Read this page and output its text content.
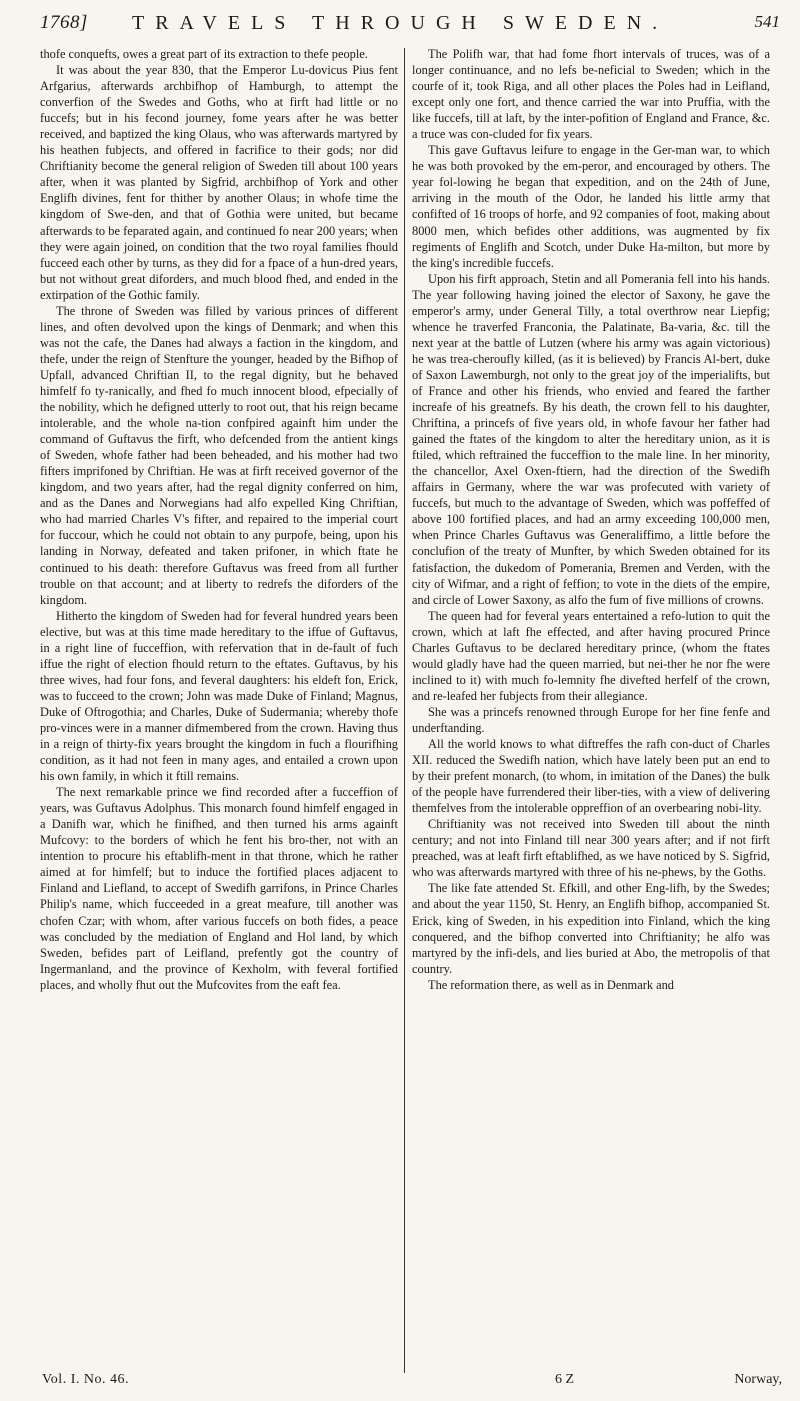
1768] TRAVELS THROUGH SWEDEN.	541

thofe conquefts, owes a great part of its extraction to thefe people.

It was about the year 830, that the Emperor Lu-dovicus Pius fent Arfgarius, afterwards archbifhop of Hamburgh, to attempt the converfion of the Swedes and Goths, who at firft had little or no fuccefs; but in his fecond journey, fome years after he was better received, and baptized the king Olaus, who was afterwards martyred by his heathen fubjects, and offered in facrifice to their gods; nor did Chriftianity become the general religion of Sweden till about 100 years after, when it was planted by Sigfrid, archbifhop of York and other Englifh divines, fent for thither by another Olaus; in whofe time the kingdom of Swe-den, and that of Gothia were united, but became afterwards to be feparated again, and continued fo near 200 years; when they were again joined, on condition that the two royal families fhould fucceed each other by turns, as they did for a fpace of a hun-dred years, but not without great diforders, and much blood fhed, and ended in the extirpation of the Gothic family.

The throne of Sweden was filled by various princes of different lines, and often devolved upon the kings of Denmark; and when this was not the cafe, the Danes had always a faction in the kingdom, and thefe, under the reign of Stenfture the younger, headed by the Bifhop of Upfall, advanced Chriftian II, to the regal dignity, but he behaved himfelf fo ty-ranically, and fhed fo much innocent blood, efpecially of the nobility, which he defigned utterly to root out, that his reign became intolerable, and the whole na-tion confpired againft him under the command of Guftavus the firft, who defcended from the antient kings of Sweden, whofe father had been beheaded, and his mother had two fifters imprifoned by Chriftian. He was at firft received governor of the kingdom, and two years after, had the regal dignity conferred on him, and as the Danes and Norwegians had alfo expelled King Chriftian, who had married Charles V's fifter, and repaired to the imperial court for fuccour, which he could not obtain to any purpofe, being, upon his landing in Norway, defeated and taken prifoner, in which ftate he continued to his death: therefore Guftavus was freed from all further trouble on that account; and at liberty to redrefs the diforders of the kingdom.

Hitherto the kingdom of Sweden had for feveral hundred years been elective, but was at this time made hereditary to the iffue of Guftavus, in a right line of fucceffion, with refervation that in de-fault of fuch iffue the right of election fhould return to the eftates. Guftavus, by his three wives, had four fons, and feveral daughters: his eldeft fon, Erick, was to fucceed to the crown; John was made Duke of Finland; Magnus, Duke of Oftrogothia; and Charles, Duke of Sudermania; whereby thofe pro-vinces were in a manner difmembered from the crown. Having thus in a reign of thirty-fix years brought the kingdom in fuch a flourifhing condition, as it had not feen in many ages, and entailed a crown upon his own family, in which it ftill remains.

The next remarkable prince we find recorded after a fucceffion of years, was Guftavus Adolphus. This monarch found himfelf engaged in a Danifh war, which he finifhed, and then turned his arms againft Mufcovy: to the borders of which he fent his bro-ther, not with an intention to procure his eftablifh-ment in that throne, which he rather aimed at for himfelf; but to induce the fortified places adjacent to Finland and Liefland, to accept of Swedifh garrifons, in Prince Charles Philip's name, which fucceeded in a great meafure, till another was chofen Czar; with whom, after various fuccefs on both fides, a peace was concluded by the mediation of England and Hol land, by which Sweden, befides part of Leifland, prefently got the country of Ingermanland, and the province of Kexholm, with feveral fortified places, and wholly fhut out the Mufcovites from the eaft fea.

The Polifh war, that had fome fhort intervals of truces, was of a longer continuance, and no lefs be-neficial to Sweden; which in the courfe of it, took Riga, and all other places the Poles had in Leifland, except only one fort, and thence carried the war into Pruffia, with the like fuccefs, till at laft, by the inter-pofition of England and France, &c. a truce was con-cluded for fix years.

This gave Guftavus leifure to engage in the Ger-man war, to which he was both provoked by the em-peror, and encouraged by others. The year fol-lowing he began that expedition, and on the 24th of June, arriving in the mouth of the Odor, he landed his little army that confifted of 16 troops of horfe, and 92 companies of foot, making about 8000 men, which befides other additions, was augmented by fix regiments of Englifh and Scotch, under Duke Ha-milton, but more by the king's incredible fuccefs.

Upon his firft approach, Stetin and all Pomerania fell into his hands. The year following having joined the elector of Saxony, he gave the emperor's army, under General Tilly, a total overthrow near Liepfig; whence he traverfed Franconia, the Palatinate, Ba-varia, &c. till the next year at the battle of Lutzen (where his army was again victorious) he was trea-cheroufly killed, (as it is believed) by Francis Al-bert, duke of Saxon Lawemburgh, not only to the great joy of the imperialifts, but of France and other his friends, who envied and feared the farther increafe of his greatnefs. By his death, the crown fell to his daughter, Chriftina, a princefs of five years old, in whofe favour her father had gained the ftates of the kingdom to alter the hereditary union, as it is ftiled, which reftrained the fucceffion to the male line. In her minority, the chancellor, Axel Oxen-ftiern, had the direction of the Swedifh affairs in Germany, where the war was profecuted with variety of fuccefs, but much to the advantage of Sweden, which was poffeffed of above 100 fortified places, and had an army exceeding 100,000 men, when Prince Charles Guftavus was Generaliffimo, a little before the conclufion of the treaty of Munfter, by which Sweden obtained for its fatisfaction, the dukedom of Pomerania, Bremen and Verden, with the city of Wifmar, and a right of feffion; to vote in the diets of the empire, and circle of Lower Saxony, as alfo the fum of five millions of crowns.

The queen had for feveral years entertained a refo-lution to quit the crown, which at laft fhe effected, and after having procured Prince Charles Guftavus to be declared hereditary prince, (whom the ftates would gladly have had the queen married, but nei-ther he nor fhe were inclined to it) with much fo-lemnity fhe divefted herfelf of the crown, and re-leafed her fubjects from their allegiance.

She was a princefs renowned through Europe for her fine fenfe and underftanding.

All the world knows to what diftreffes the rafh con-duct of Charles XII. reduced the Swedifh nation, which have lately been put an end to by their prefent monarch, (to whom, in imitation of the Danes) the bulk of the people have furrendered their liber-ties, with a view of delivering themfelves from the intolerable oppreffion of an overbearing nobi-lity.

Chriftianity was not received into Sweden till about the ninth century; and not into Finland till near 300 years after; and if not firft preached, was at leaft firft eftablifhed, as we have noticed by S. Sigfrid, who was afterwards martyred with three of his ne-phews, by the Goths.

The like fate attended St. Efkill, and other Eng-lifh, by the Swedes; and about the year 1150, St. Henry, an Englifh bifhop, accompanied St. Erick, king of Sweden, in his expedition into Finland, which the king conquered, and the bifhop converted into Chriftianity; he alfo was martyred by the infi-dels, and lies buried at Abo, the metropolis of that country.

The reformation there, as well as in Denmark and

Vol. I. No. 46.	6 Z	Norway,
